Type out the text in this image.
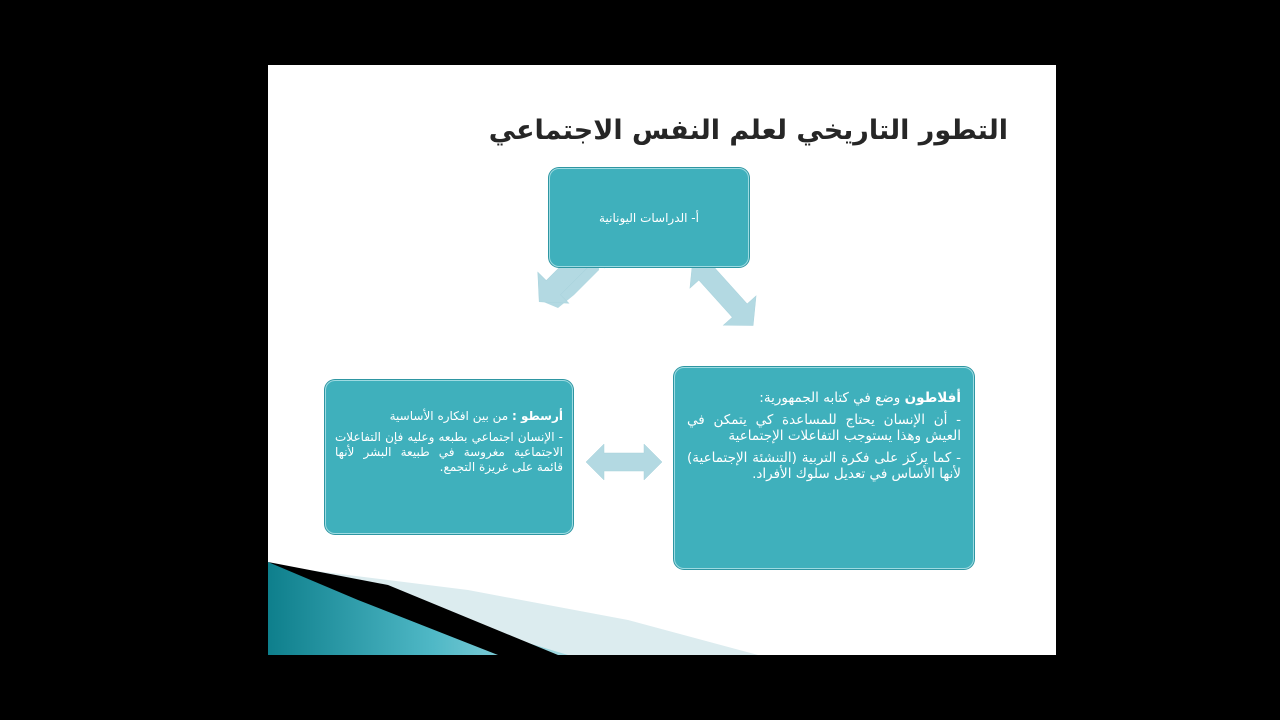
التطور التاريخي لعلم النفس الاجتماعي
أ- الدراسات اليونانية

أفلاطون وضع في كتابه الجمهورية:

- أن الإنسان يحتاج للمساعدة كي يتمكن في العيش وهذا يستوجب التفاعلات الإجتماعية

- كما يركز على فكرة التربية (التنشئة الإجتماعية) لأنها الأساس في تعديل سلوك الأفراد.

أرسطو : من بين افكاره الأساسية

- الإنسان اجتماعي بطبعه وعليه فإن التفاعلات الاجتماعية مغروسة في طبيعة البشر لأنها قائمة على غريزة التجمع.
